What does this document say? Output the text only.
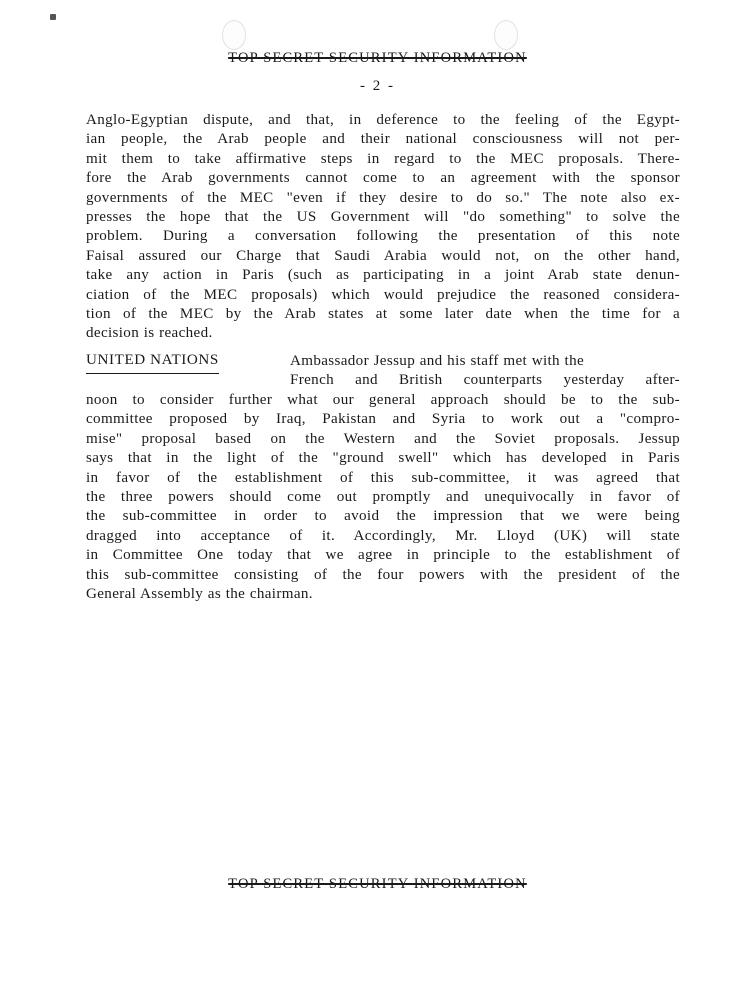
TOP SECRET SECURITY INFORMATION
- 2 -
Anglo-Egyptian dispute, and that, in deference to the feeling of the Egypt-
ian people, the Arab people and their national consciousness will not per-
mit them to take affirmative steps in regard to the MEC proposals. There-
fore the Arab governments cannot come to an agreement with the sponsor
governments of the MEC "even if they desire to do so." The note also ex-
presses the hope that the US Government will "do something" to solve the
problem. During a conversation following the presentation of this note
Faisal assured our Charge that Saudi Arabia would not, on the other hand,
take any action in Paris (such as participating in a joint Arab state denun-
ciation of the MEC proposals) which would prejudice the reasoned considera-
tion of the MEC by the Arab states at some later date when the time for a
decision is reached.
UNITED NATIONS	Ambassador Jessup and his staff met with the
French and British counterparts yesterday after-
noon to consider further what our general approach should be to the sub-
committee proposed by Iraq, Pakistan and Syria to work out a "compro-
mise" proposal based on the Western and the Soviet proposals. Jessup
says that in the light of the "ground swell" which has developed in Paris
in favor of the establishment of this sub-committee, it was agreed that
the three powers should come out promptly and unequivocally in favor of
the sub-committee in order to avoid the impression that we were being
dragged into acceptance of it. Accordingly, Mr. Lloyd (UK) will state
in Committee One today that we agree in principle to the establishment of
this sub-committee consisting of the four powers with the president of the
General Assembly as the chairman.
TOP SECRET SECURITY INFORMATION
